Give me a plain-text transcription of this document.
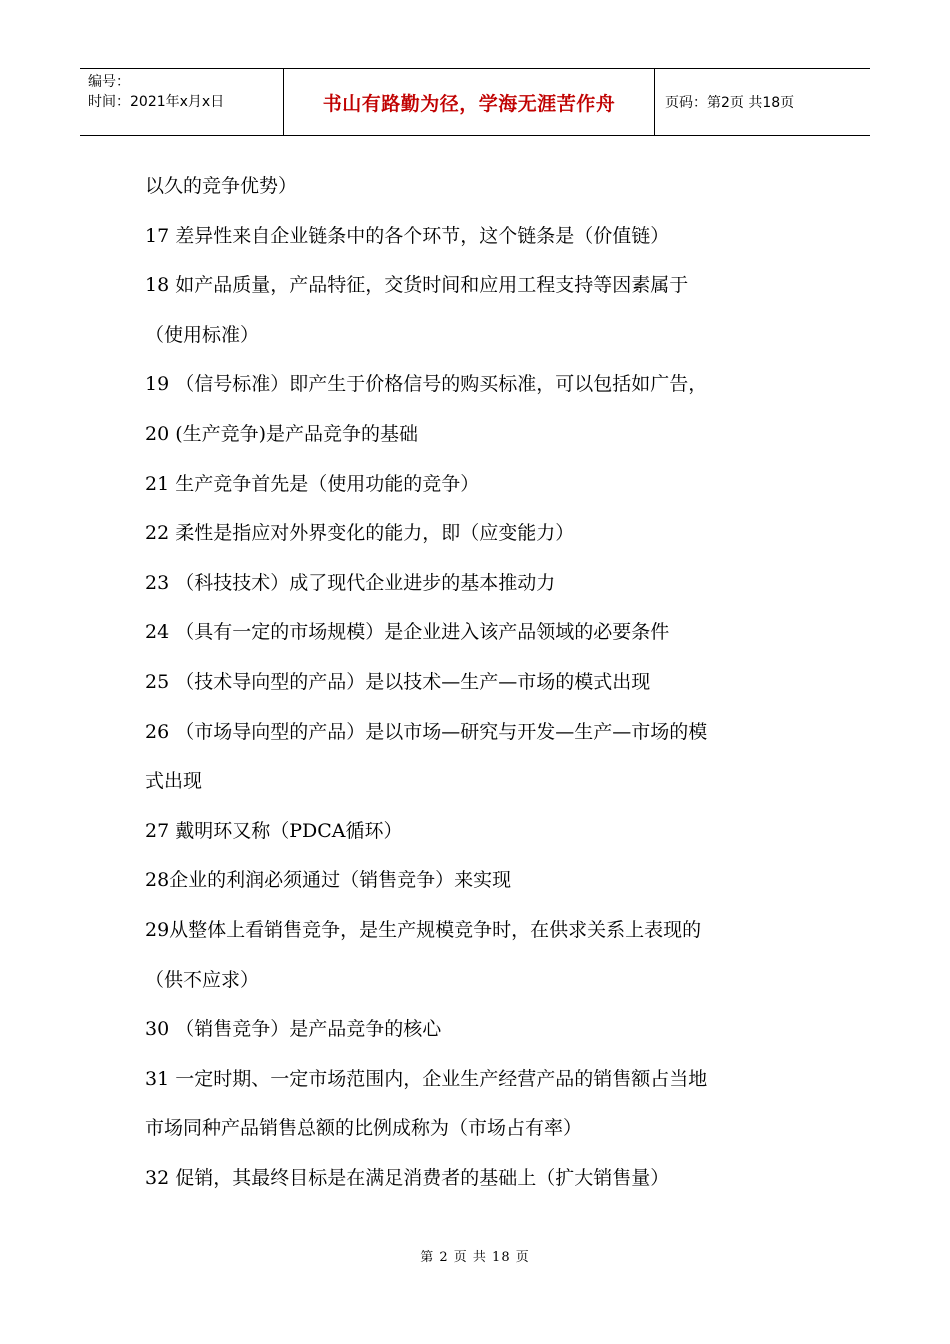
编号：
时间：2021年x月x日	书山有路勤为径，学海无涯苦作舟	页码：第2页 共18页
以久的竞争优势）
17 差异性来自企业链条中的各个环节，这个链条是（价值链）
18 如产品质量，产品特征，交货时间和应用工程支持等因素属于
（使用标准）
19 （信号标准）即产生于价格信号的购买标准，可以包括如广告，
20 (生产竞争)是产品竞争的基础
21 生产竞争首先是（使用功能的竞争）
22 柔性是指应对外界变化的能力，即（应变能力）
23 （科技技术）成了现代企业进步的基本推动力
24 （具有一定的市场规模）是企业进入该产品领域的必要条件
25 （技术导向型的产品）是以技术—生产—市场的模式出现
26 （市场导向型的产品）是以市场—研究与开发—生产—市场的模
式出现
27 戴明环又称（PDCA循环）
28企业的利润必须通过（销售竞争）来实现
29从整体上看销售竞争，是生产规模竞争时，在供求关系上表现的
（供不应求）
30 （销售竞争）是产品竞争的核心
31 一定时期、一定市场范围内，企业生产经营产品的销售额占当地
市场同种产品销售总额的比例成称为（市场占有率）
32 促销，其最终目标是在满足消费者的基础上（扩大销售量）
第 2 页 共 18 页
